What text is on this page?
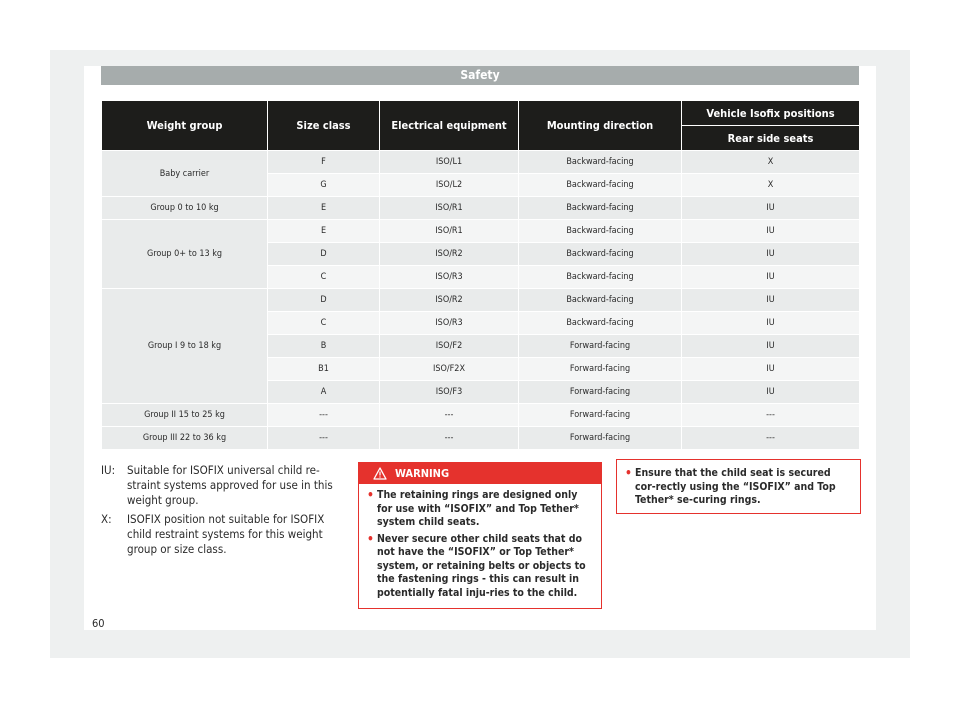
Safety
Weight group	Size class	Electrical equipment	Mounting direction	Vehicle Isofix positions
				Rear side seats
Baby carrier	F	ISO/L1	Backward-facing	X
	G	ISO/L2	Backward-facing	X
Group 0 to 10 kg	E	ISO/R1	Backward-facing	IU
Group 0+ to 13 kg	E	ISO/R1	Backward-facing	IU
	D	ISO/R2	Backward-facing	IU
	C	ISO/R3	Backward-facing	IU
Group I 9 to 18 kg	D	ISO/R2	Backward-facing	IU
	C	ISO/R3	Backward-facing	IU
	B	ISO/F2	Forward-facing	IU
	B1	ISO/F2X	Forward-facing	IU
	A	ISO/F3	Forward-facing	IU
Group II 15 to 25 kg	---	---	Forward-facing	---
Group III 22 to 36 kg	---	---	Forward-facing	---
IU:	Suitable for ISOFIX universal child re-straint systems approved for use in this weight group.
X:	ISOFIX position not suitable for ISOFIX child restraint systems for this weight group or size class.
WARNING
• The retaining rings are designed only for use with “ISOFIX” and Top Tether* system child seats.
• Never secure other child seats that do not have the “ISOFIX” or Top Tether* system, or retaining belts or objects to the fastening rings - this can result in potentially fatal inju-ries to the child.
• Ensure that the child seat is secured cor-rectly using the “ISOFIX” and Top Tether* se-curing rings.
60
